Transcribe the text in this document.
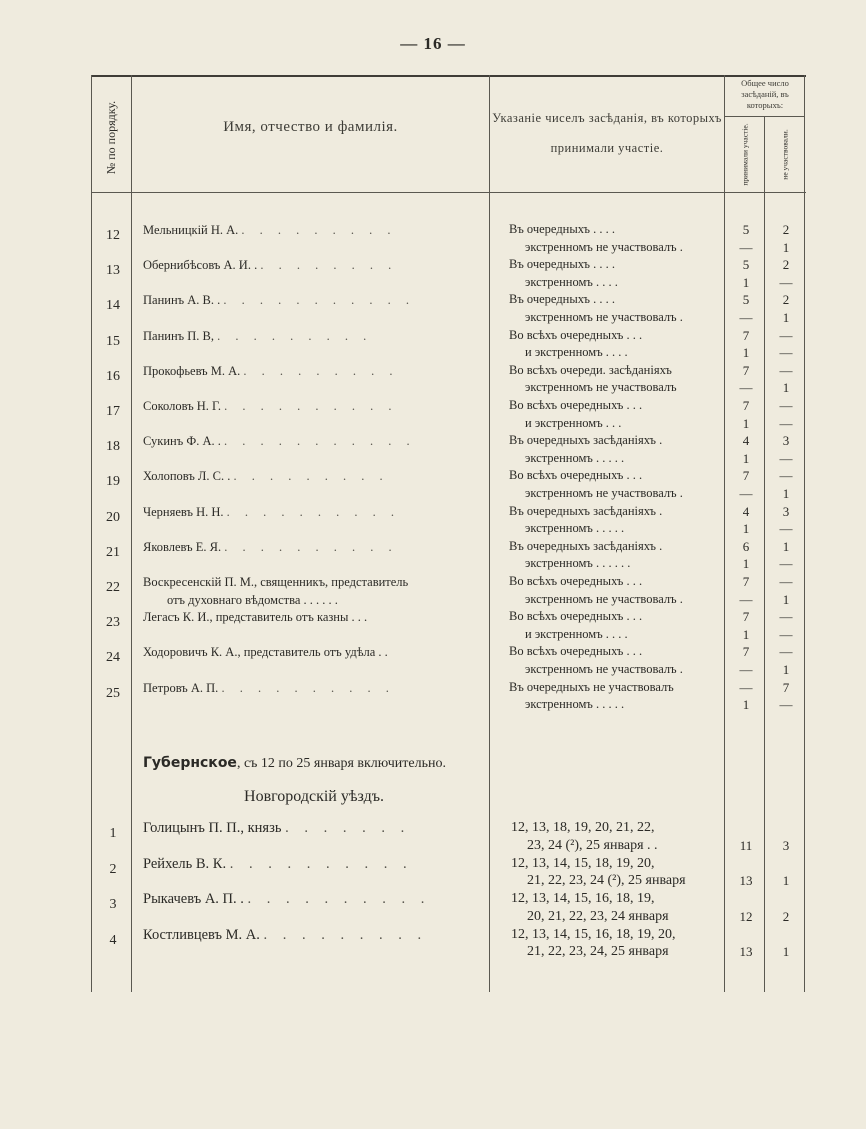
— 16 —
№ по порядку.	Имя, отчество и фамилія.
Указаніе чиселъ засѣданія, въ которыхъ принимали участіе.
Общее число засѣданій, въ которыхъ:
принимали участіе.	не участвовали.
12	Мельницкій Н. А. . . . . . . . . .	Въ очередныхъ . . . .
экстренномъ не участвовалъ .
5	2
—	1
13	Обернибѣсовъ А. И. . . . . . . . . .	Въ очередныхъ . . . .
экстренномъ . . . .
5	2
1	—
14	Панинъ А. В. . . . . . . . . . . . .	Въ очередныхъ . . . .
экстренномъ не участвовалъ .
5	2
—	1
15	Панинъ П. В, . . . . . . . . .	Во всѣхъ очередныхъ . . .
и экстренномъ . . . .
7	—
1	—
16	Прокофьевъ М. А. . . . . . . . . .	Во всѣхъ очереди. засѣданіяхъ
экстренномъ не участвовалъ
7	—
—	1
17	Соколовъ Н. Г. . . . . . . . . . .	Во всѣхъ очередныхъ . . .
и экстренномъ . . .
7	—
1	—
18	Сукинъ Ф. А. . . . . . . . . . . . .	Въ очередныхъ засѣданіяхъ .
экстренномъ . . . . .
4	3
1	—
19	Холоповъ Л. С. . . . . . . . . . .	Во всѣхъ очередныхъ . . .
экстренномъ не участвовалъ .
7	—
—	1
20	Черняевъ Н. Н. . . . . . . . . . .	Въ очередныхъ засѣданіяхъ .
экстренномъ . . . . .
4	3
1	—
21	Яковлевъ Е. Я. . . . . . . . . . .	Въ очередныхъ засѣданіяхъ .
экстренномъ . . . . . .
6	1
1	—
22	Воскресенскій П. М., священникъ, представитель
отъ духовнаго вѣдомства . . . . . .
Во всѣхъ очередныхъ . . .
экстренномъ не участвовалъ .
7	—
—	1
23	Легасъ К. И., представитель отъ казны . . .	Во всѣхъ очередныхъ . . .
и экстренномъ . . . .
7	—
1	—
24	Ходоровичъ К. А., представитель отъ удѣла . .	Во всѣхъ очередныхъ . . .
экстренномъ не участвовалъ .
7	—
—	1
25	Петровъ А. П. . . . . . . . . . .	Въ очередныхъ не участвовалъ
экстренномъ . . . . .
—	7
1	—
Губернское, съ 12 по 25 января включительно.
Новгородскій уѣздъ.
1	Голицынъ П. П., князь . . . . . . .	12, 13, 18, 19, 20, 21, 22,
23, 24 (²), 25 января . .	11	3
2	Рейхель В. К. . . . . . . . . . .	12, 13, 14, 15, 18, 19, 20,
21, 22, 23, 24 (²), 25 января	13	1
3	Рыкачевъ А. П. . . . . . . . . . . .	12, 13, 14, 15, 16, 18, 19,
20, 21, 22, 23, 24 января	12	2
4	Костливцевъ М. А. . . . . . . . . .	12, 13, 14, 15, 16, 18, 19, 20,
21, 22, 23, 24, 25 января	13	1
